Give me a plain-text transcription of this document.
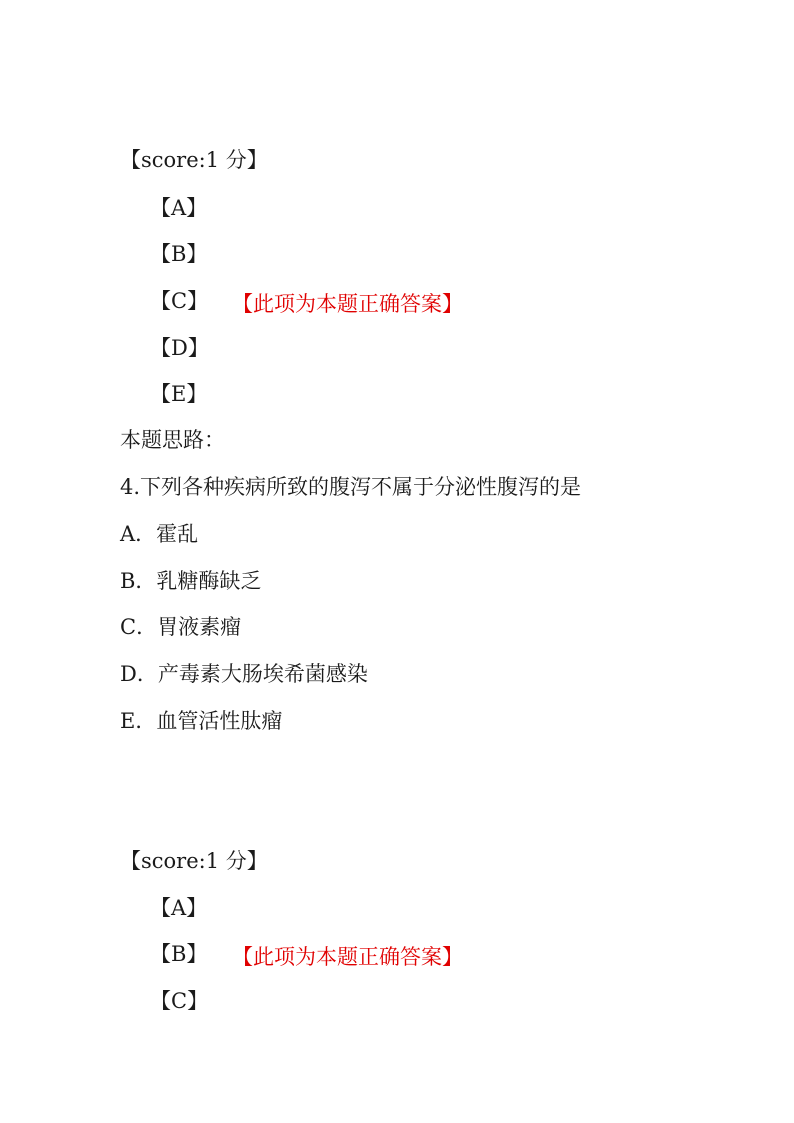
【score:1 分】
【A】
【B】
【C】 【此项为本题正确答案】
【D】
【E】
本题思路：
4.下列各种疾病所致的腹泻不属于分泌性腹泻的是
A．霍乱
B．乳糖酶缺乏
C．胃液素瘤
D．产毒素大肠埃希菌感染
E．血管活性肽瘤
【score:1 分】
【A】
【B】 【此项为本题正确答案】
【C】
